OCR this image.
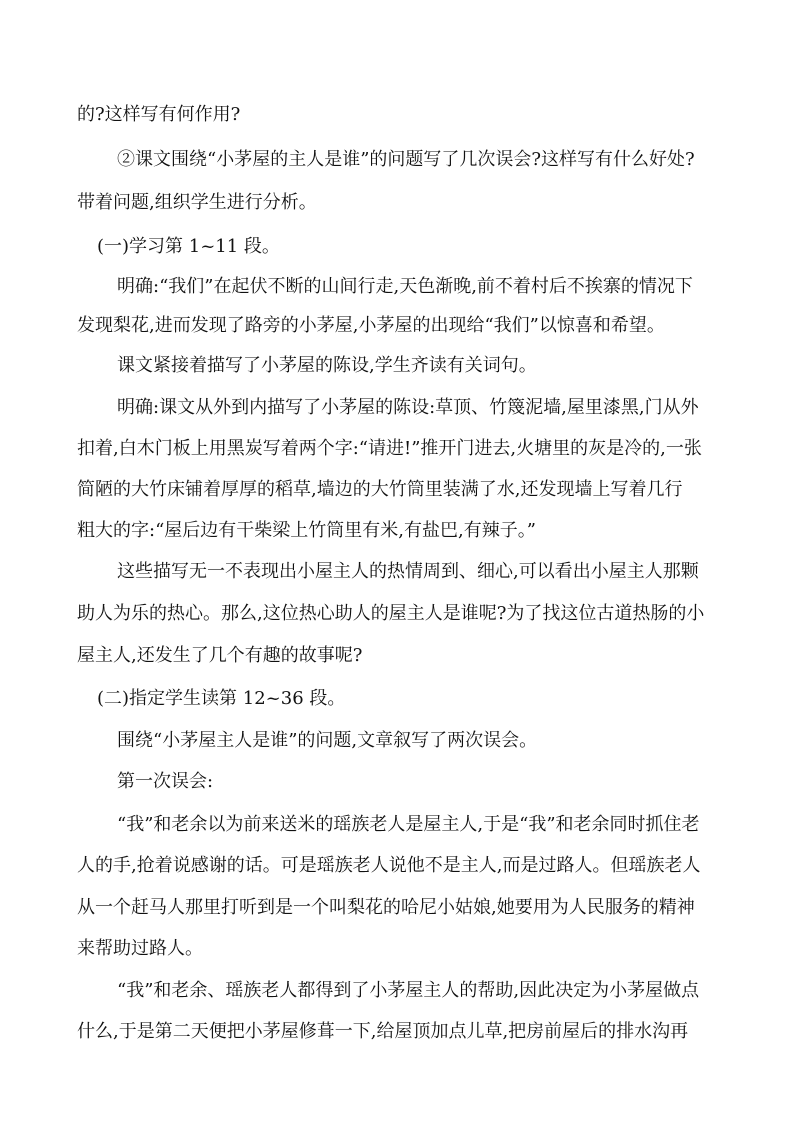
的?这样写有何作用?
②课文围绕“小茅屋的主人是谁”的问题写了几次误会?这样写有什么好处?
带着问题,组织学生进行分析。
(一)学习第 1~11 段。
明确:“我们”在起伏不断的山间行走,天色渐晚,前不着村后不挨寨的情况下
发现梨花,进而发现了路旁的小茅屋,小茅屋的出现给“我们”以惊喜和希望。
课文紧接着描写了小茅屋的陈设,学生齐读有关词句。
明确:课文从外到内描写了小茅屋的陈设:草顶、竹篾泥墙,屋里漆黑,门从外
扣着,白木门板上用黑炭写着两个字:“请进!”推开门进去,火塘里的灰是冷的,一张
简陋的大竹床铺着厚厚的稻草,墙边的大竹筒里装满了水,还发现墙上写着几行
粗大的字:“屋后边有干柴梁上竹筒里有米,有盐巴,有辣子。”
这些描写无一不表现出小屋主人的热情周到、细心,可以看出小屋主人那颗
助人为乐的热心。那么,这位热心助人的屋主人是谁呢?为了找这位古道热肠的小
屋主人,还发生了几个有趣的故事呢?
(二)指定学生读第 12~36 段。
围绕“小茅屋主人是谁”的问题,文章叙写了两次误会。
第一次误会:
“我”和老余以为前来送米的瑶族老人是屋主人,于是“我”和老余同时抓住老
人的手,抢着说感谢的话。可是瑶族老人说他不是主人,而是过路人。但瑶族老人
从一个赶马人那里打听到是一个叫梨花的哈尼小姑娘,她要用为人民服务的精神
来帮助过路人。
“我”和老余、瑶族老人都得到了小茅屋主人的帮助,因此决定为小茅屋做点
什么,于是第二天便把小茅屋修葺一下,给屋顶加点儿草,把房前屋后的排水沟再
